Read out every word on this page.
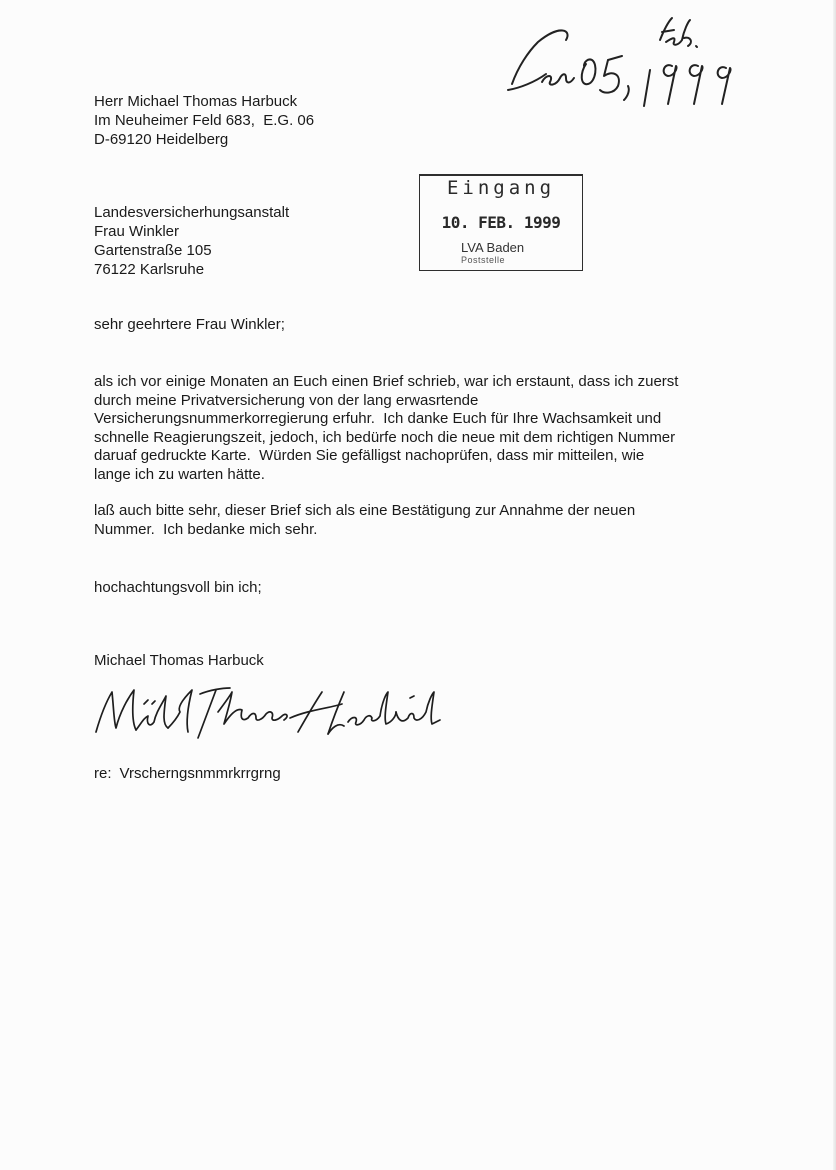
Herr Michael Thomas Harbuck
Im Neuheimer Feld 683,  E.G. 06
D-69120 Heidelberg
Eingang
10. FEB. 1999
LVA Baden
Poststelle
Landesversicherhungsanstalt
Frau Winkler
Gartenstraße 105
76122 Karlsruhe
sehr geehrtere Frau Winkler;
als ich vor einige Monaten an Euch einen Brief schrieb, war ich erstaunt, dass ich zuerst
durch meine Privatversicherung von der lang erwasrtende
Versicherungsnummerkorregierung erfuhr.  Ich danke Euch für Ihre Wachsamkeit und
schnelle Reagierungszeit, jedoch, ich bedürfe noch die neue mit dem richtigen Nummer
daruaf gedruckte Karte.  Würden Sie gefälligst nachoprüfen, dass mir mitteilen, wie
lange ich zu warten hätte.
laß auch bitte sehr, dieser Brief sich als eine Bestätigung zur Annahme der neuen
Nummer.  Ich bedanke mich sehr.
hochachtungsvoll bin ich;
Michael Thomas Harbuck
re: Vrscherngsnmmrkrrgrng
